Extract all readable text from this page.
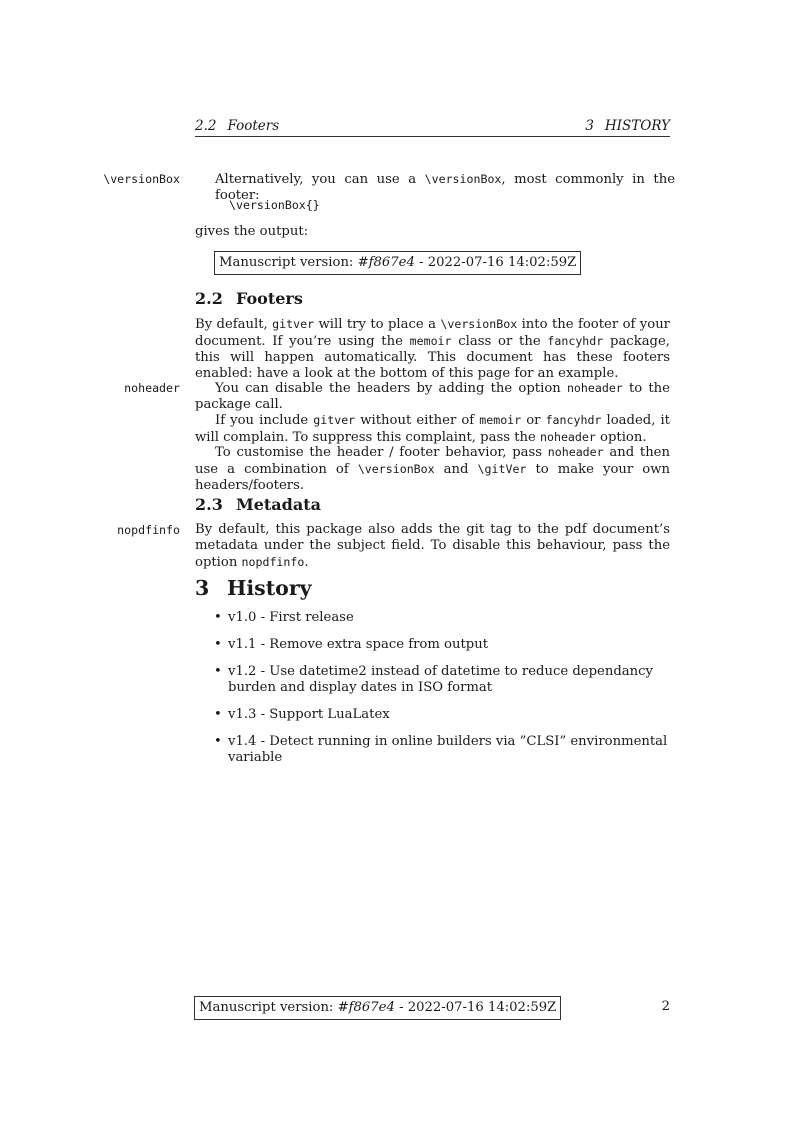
2.2 Footers	3 HISTORY
\versionBox	Alternatively, you can use a \versionBox, most commonly in the footer:
\versionBox{}
gives the output:
Manuscript version: #f867e4 - 2022-07-16 14:02:59Z
2.2 Footers
By default, gitver will try to place a \versionBox into the footer of your document. If you’re using the memoir class or the fancyhdr package, this will happen automatically. This document has these footers enabled: have a look at the bottom of this page for an example.
noheader	You can disable the headers by adding the option noheader to the package call.
If you include gitver without either of memoir or fancyhdr loaded, it will complain. To suppress this complaint, pass the noheader option.
To customise the header / footer behavior, pass noheader and then use a combination of \versionBox and \gitVer to make your own headers/footers.
2.3 Metadata
nopdfinfo By default, this package also adds the git tag to the pdf document’s metadata under the subject field. To disable this behaviour, pass the option nopdfinfo.
3 History
• v1.0 - First release
• v1.1 - Remove extra space from output
• v1.2 - Use datetime2 instead of datetime to reduce dependancy burden and display dates in ISO format
• v1.3 - Support LuaLatex
• v1.4 - Detect running in online builders via ”CLSI” environmental variable
Manuscript version: #f867e4 - 2022-07-16 14:02:59Z	2
